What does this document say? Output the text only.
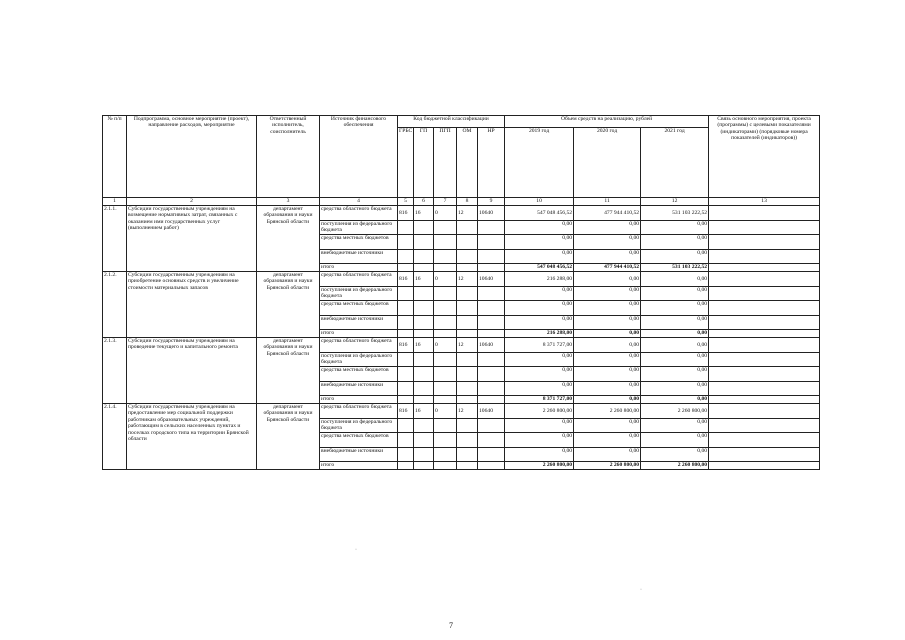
№ п/п	Подпрограмма, основное мероприятие (проект), направление расходов, мероприятие	Ответственный исполнитель, соисполнитель	Источник финансового обеспечения	Код бюджетной классификации					Объем средств на реализацию, рублей			Связь основного мероприятия, проекта (программы) с целевыми показателями (индикаторами) (порядковые номера показателей (индикаторов))
				ГРБС	ГП	ПГП	ОМ	НР	2019 год	2020 год	2021 год	
1	2	3	4	5	6	7	8	9	10	11	12	13
2.1.1.	Субсидии государственным учреждениям на возмещение нормативных затрат, связанных с оказанием ими государственных услуг (выполнением работ)	департамент образования и науки Брянской области	средства областного бюджета	816	16	0	12	10640	547 048 456,52	477 944 410,52	531 103 222,52	
			поступления из федерального бюджета						0,00	0,00	0,00	
			средства местных бюджетов						0,00	0,00	0,00	
			внебюджетные источники						0,00	0,00	0,00	
			итого						547 048 456,52	477 944 410,52	531 103 222,52	
2.1.2.	Субсидии государственным учреждениям на приобретение основных средств и увеличение стоимости материальных запасов	департамент образования и науки Брянской области	средства областного бюджета	816	16	0	12	10640	216 288,00	0,00	0,00	
			поступления из федерального бюджета						0,00	0,00	0,00	
			средства местных бюджетов						0,00	0,00	0,00	
			внебюджетные источники						0,00	0,00	0,00	
			итого						216 288,00	0,00	0,00	
2.1.3.	Субсидии государственным учреждениям на проведение текущего и капитального ремонта	департамент образования и науки Брянской области	средства областного бюджета	816	16	0	12	10640	8 371 727,00	0,00	0,00	
			поступления из федерального бюджета						0,00	0,00	0,00	
			средства местных бюджетов						0,00	0,00	0,00	
			внебюджетные источники						0,00	0,00	0,00	
			итого						8 371 727,00	0,00	0,00	
2.1.4.	Субсидии государственным учреждениям на предоставление мер социальной поддержки работникам образовательных учреждений, работающим в сельских населенных пунктах и поселках городского типа на территории Брянской области	департамент образования и науки Брянской области	средства областного бюджета	816	16	0	12	10640	2 260 800,00	2 260 800,00	2 260 800,00	
			поступления из федерального бюджета						0,00	0,00	0,00	
			средства местных бюджетов						0,00	0,00	0,00	
			внебюджетные источники						0,00	0,00	0,00	
			итого						2 260 800,00	2 260 800,00	2 260 800,00	
7
·
·
